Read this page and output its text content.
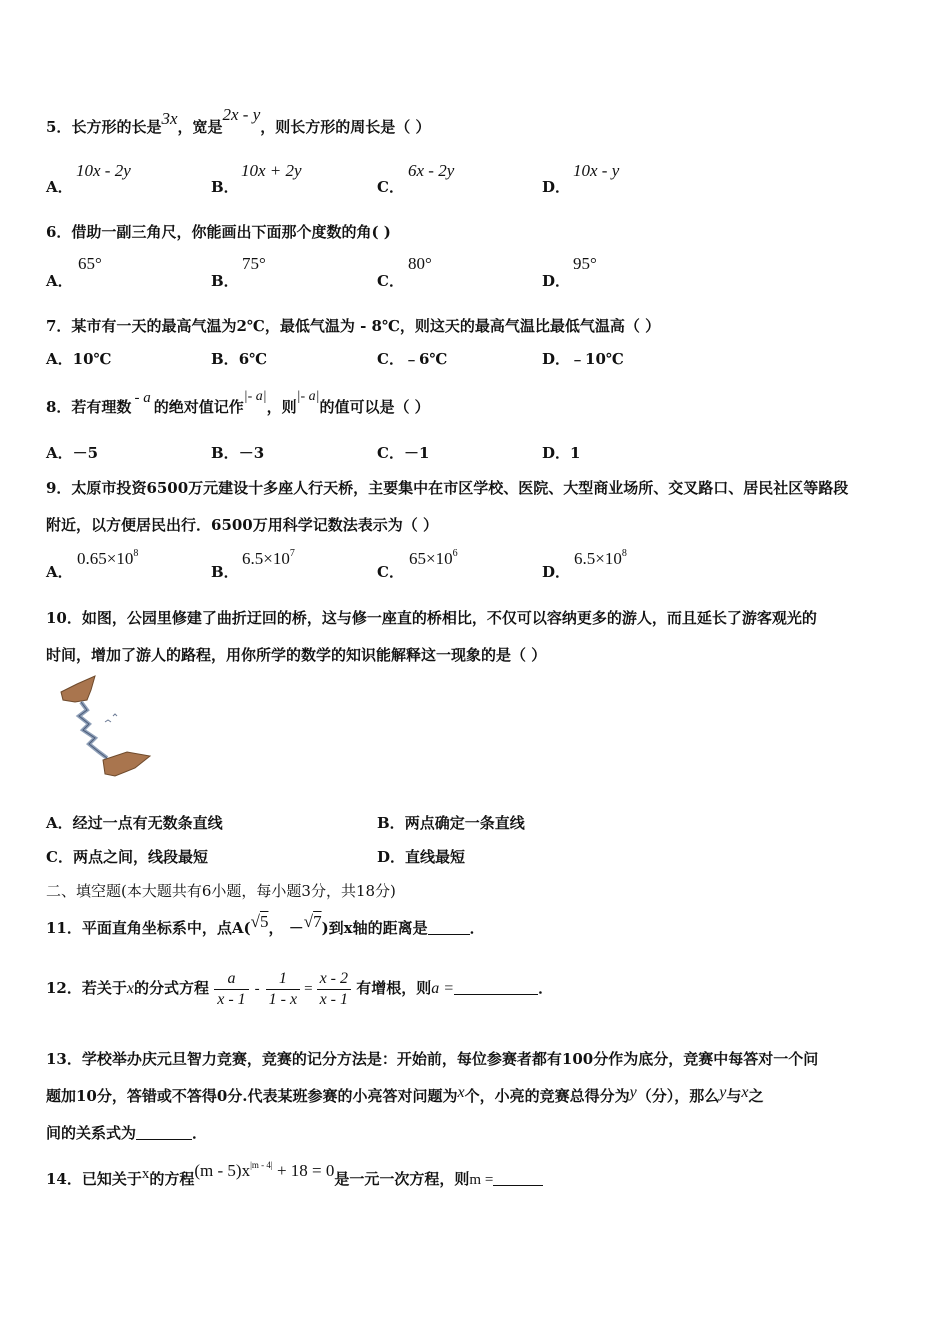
5．长方形的长是3x，宽是2x - y，则长方形的周长是（ ）
A．
10x - 2y
B．
10x + 2y
C．
6x - 2y
D．
10x - y
6．借助一副三角尺，你能画出下面那个度数的角( )
A．
65°
B．
75°
C．
80°
D．
95°
7．某市有一天的最高气温为2℃，最低气温为 - 8℃，则这天的最高气温比最低气温高（ ）
A．10℃	B．6℃	C．﹣6℃	D．﹣10℃
8．若有理数 - a 的绝对值记作|- a|，则|- a|的值可以是（ ）
A．－5	B．－3	C．－1	D．1
9．太原市投资6500万元建设十多座人行天桥，主要集中在市区学校、医院、大型商业场所、交叉路口、居民社区等路段
附近，以方便居民出行．6500万用科学记数法表示为（ ）
A．
$0.65\times 10^8$
B．
$6.5\times 10^7$
C．
$65\times 10^6$
D．
$6.5\times 10^8$
10．如图，公园里修建了曲折迂回的桥，这与修一座直的桥相比，不仅可以容纳更多的游人，而且延长了游客观光的
时间，增加了游人的路程，用你所学的数学的知识能解释这一现象的是（ ）
A．经过一点有无数条直线	B．两点确定一条直线
C．两点之间，线段最短	D．直线最短
二、填空题(本大题共有6小题，每小题3分，共18分)
11．平面直角坐标系中，点A(√5， －√7)到x轴的距离是	．
12．若关于x的分式方程 $\frac{a}{x - 1} - \frac{1}{1 - x} = \frac{x - 2}{x - 1}$ 有增根，则a =	．
13．学校举办庆元旦智力竞赛，竞赛的记分方法是：开始前，每位参赛者都有100分作为底分，竞赛中每答对一个问
题加10分，答错或不答得0分.代表某班参赛的小亮答对问题为x个，小亮的竞赛总得分为y（分），那么y与x之
间的关系式为	．
14．已知关于x的方程$(m - 5)x^{|m - 4|} + 18 = 0$是一元一次方程，则m =
